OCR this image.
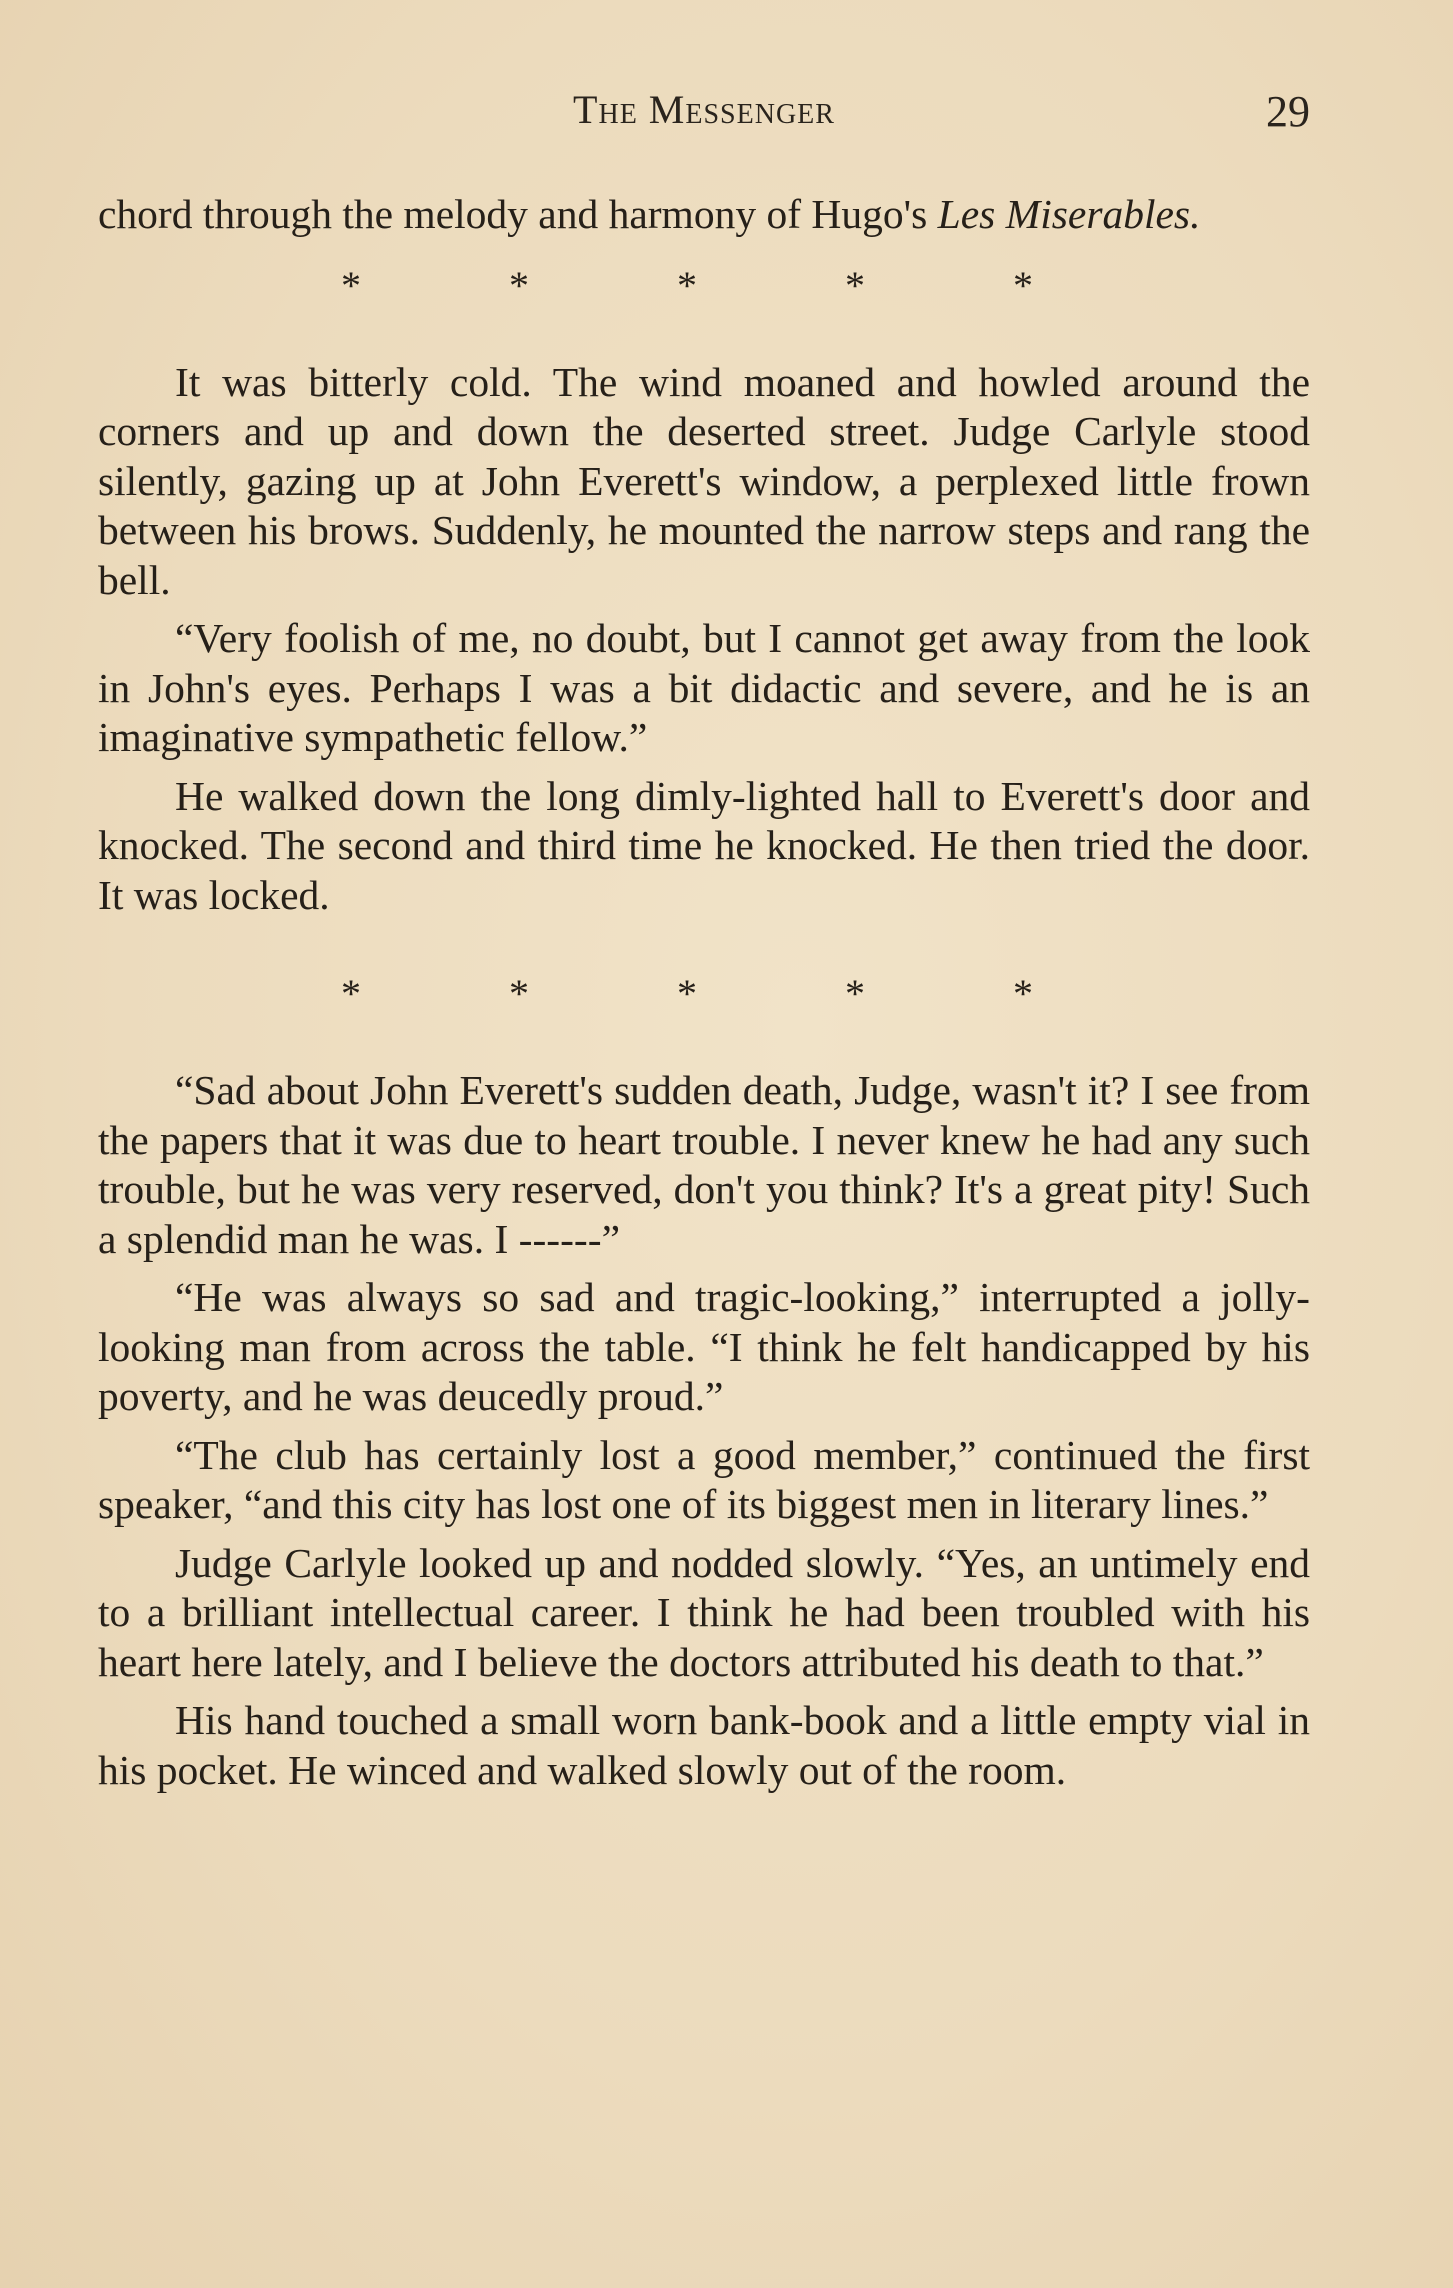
The Messenger	29

chord through the melody and harmony of Hugo's Les Miserables.

*	*	*	*	*

It was bitterly cold. The wind moaned and howled around the corners and up and down the deserted street. Judge Carlyle stood silently, gazing up at John Everett's window, a perplexed little frown between his brows. Suddenly, he mounted the narrow steps and rang the bell.

“Very foolish of me, no doubt, but I cannot get away from the look in John's eyes. Perhaps I was a bit didactic and severe, and he is an imaginative sympathetic fellow.”

He walked down the long dimly-lighted hall to Everett's door and knocked. The second and third time he knocked. He then tried the door. It was locked.

*	*	*	*	*

“Sad about John Everett's sudden death, Judge, wasn't it? I see from the papers that it was due to heart trouble. I never knew he had any such trouble, but he was very reserved, don't you think? It's a great pity! Such a splendid man he was. I ------”

“He was always so sad and tragic-looking,” interrupted a jolly-looking man from across the table. “I think he felt handicapped by his poverty, and he was deucedly proud.”

“The club has certainly lost a good member,” continued the first speaker, “and this city has lost one of its biggest men in literary lines.”

Judge Carlyle looked up and nodded slowly. “Yes, an untimely end to a brilliant intellectual career. I think he had been troubled with his heart here lately, and I believe the doctors attributed his death to that.”

His hand touched a small worn bank-book and a little empty vial in his pocket. He winced and walked slowly out of the room.
